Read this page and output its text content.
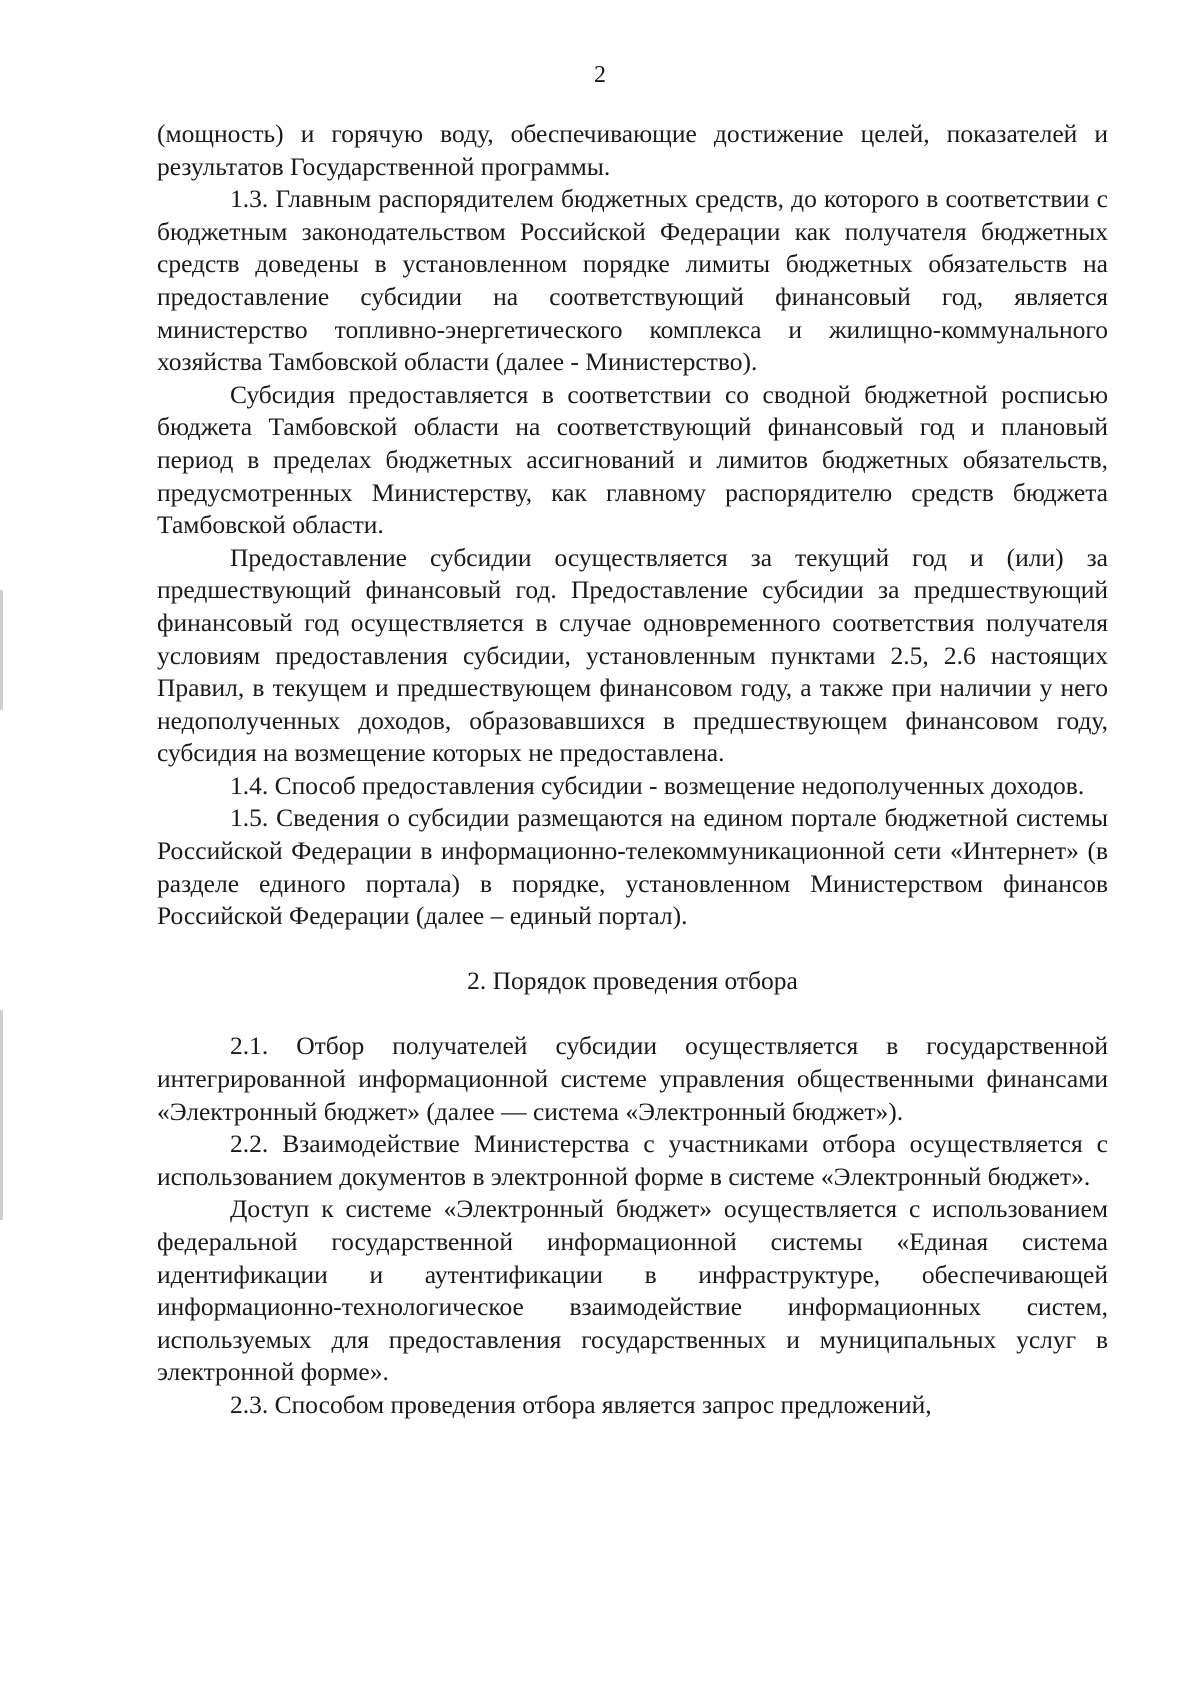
2

(мощность) и горячую воду, обеспечивающие достижение целей, показателей и результатов Государственной программы.

1.3. Главным распорядителем бюджетных средств, до которого в соответствии с бюджетным законодательством Российской Федерации как получателя бюджетных средств доведены в установленном порядке лимиты бюджетных обязательств на предоставление субсидии на соответствующий финансовый год, является министерство топливно-энергетического комплекса и жилищно-коммунального хозяйства Тамбовской области (далее - Министерство).

Субсидия предоставляется в соответствии со сводной бюджетной росписью бюджета Тамбовской области на соответствующий финансовый год и плановый период в пределах бюджетных ассигнований и лимитов бюджетных обязательств, предусмотренных Министерству, как главному распорядителю средств бюджета Тамбовской области.

Предоставление субсидии осуществляется за текущий год и (или) за предшествующий финансовый год. Предоставление субсидии за предшествующий финансовый год осуществляется в случае одновременного соответствия получателя условиям предоставления субсидии, установленным пунктами 2.5, 2.6 настоящих Правил, в текущем и предшествующем финансовом году, а также при наличии у него недополученных доходов, образовавшихся в предшествующем финансовом году, субсидия на возмещение которых не предоставлена.

1.4. Способ предоставления субсидии - возмещение недополученных доходов.

1.5. Сведения о субсидии размещаются на едином портале бюджетной системы Российской Федерации в информационно-телекоммуникационной сети «Интернет» (в разделе единого портала) в порядке, установленном Министерством финансов Российской Федерации (далее – единый портал).

2. Порядок проведения отбора

2.1. Отбор получателей субсидии осуществляется в государственной интегрированной информационной системе управления общественными финансами «Электронный бюджет» (далее — система «Электронный бюджет»).

2.2. Взаимодействие Министерства с участниками отбора осуществляется с использованием документов в электронной форме в системе «Электронный бюджет».

Доступ к системе «Электронный бюджет» осуществляется с использованием федеральной государственной информационной системы «Единая система идентификации и аутентификации в инфраструктуре, обеспечивающей информационно-технологическое взаимодействие информационных систем, используемых для предоставления государственных и муниципальных услуг в электронной форме».

2.3. Способом проведения отбора является запрос предложений,
